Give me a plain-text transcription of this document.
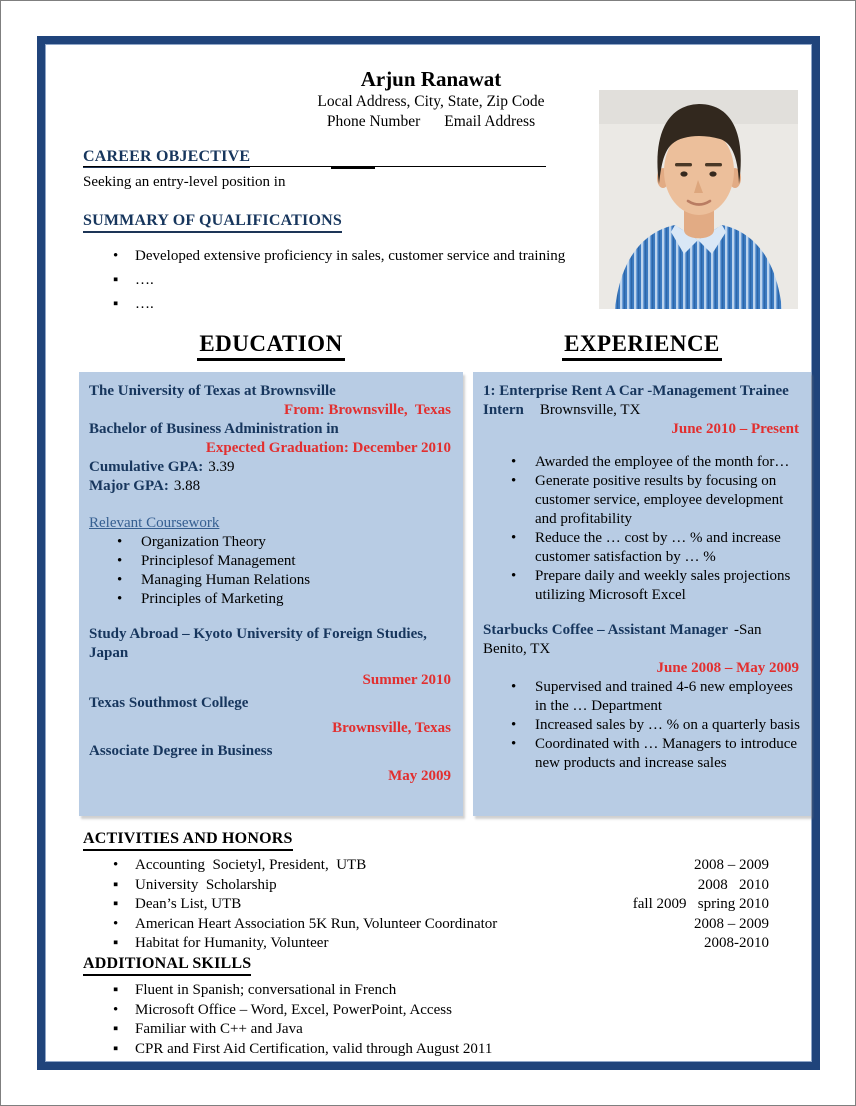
Arjun Ranawat
Local Address, City, State, Zip Code
Phone Number Email Address
CAREER OBJECTIVE
Seeking an entry-level position in
SUMMARY OF QUALIFICATIONS
•	Developed extensive proficiency in sales, customer service and training
▪	….
▪	….
EDUCATION	EXPERIENCE
The University of Texas at Brownsville
From: Brownsville,  Texas
Bachelor of Business Administration in
Expected Graduation: December 2010
Cumulative GPA: 3.39
Major GPA: 3.88
Relevant Coursework
•	Organization Theory
•	Principlesof Management
•	Managing Human Relations
•	Principles of Marketing
Study Abroad – Kyoto University of Foreign Studies, Japan
Summer 2010
Texas Southmost College
Brownsville, Texas
Associate Degree in Business
May 2009
1: Enterprise Rent A Car -Management Trainee Intern Brownsville, TX
June 2010 – Present
•	Awarded the employee of the month for…
•	Generate positive results by focusing on customer service, employee development and profitability
•	Reduce the … cost by … % and increase customer satisfaction by … %
•	Prepare daily and weekly sales projections utilizing Microsoft Excel
Starbucks Coffee – Assistant Manager -San Benito, TX
June 2008 – May 2009
•	Supervised and trained 4-6 new employees in the … Department
•	Increased sales by … % on a quarterly basis
•	Coordinated with … Managers to introduce new products and increase sales
ACTIVITIES AND HONORS
•	Accounting  Societyl, President,  UTB	2008 – 2009
▪	University  Scholarship	2008   2010
▪	Dean’s List, UTB	fall 2009   spring 2010
•	American Heart Association 5K Run, Volunteer Coordinator	2008 – 2009
▪	Habitat for Humanity, Volunteer	2008-2010
ADDITIONAL SKILLS
▪	Fluent in Spanish; conversational in French
•	Microsoft Office – Word, Excel, PowerPoint, Access
▪	Familiar with C++ and Java
▪	CPR and First Aid Certification, valid through August 2011
